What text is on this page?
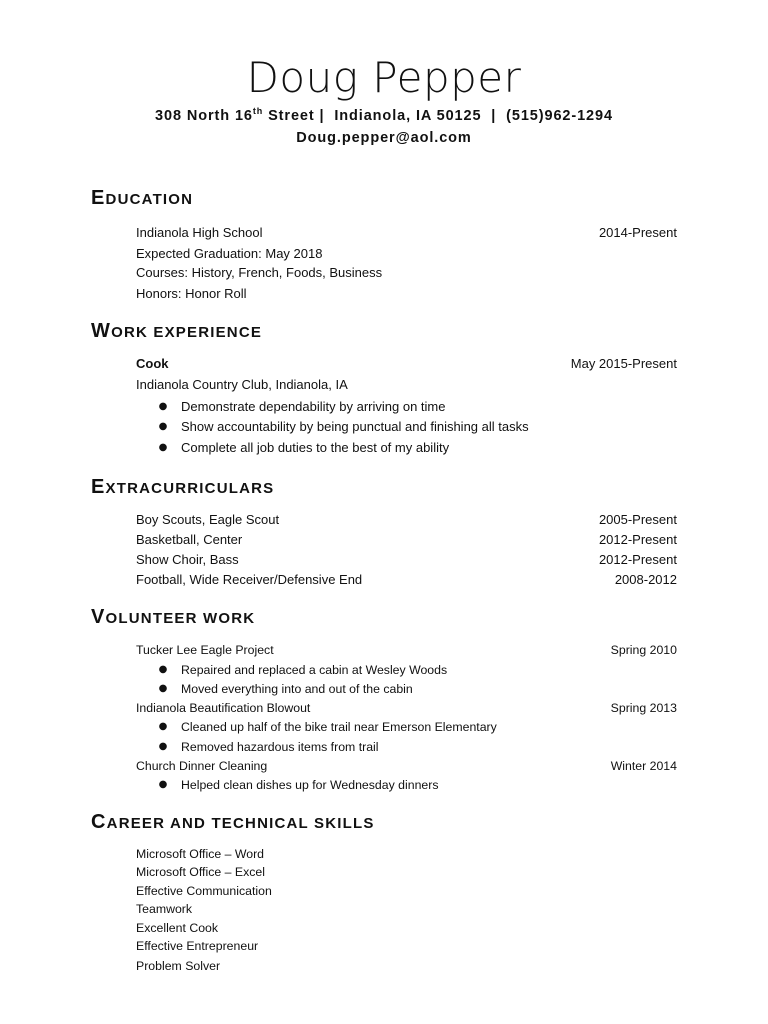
Doug Pepper
308 North 16th Street |  Indianola, IA 50125  |  (515)962-1294
Doug.pepper@aol.com
EDUCATION
Indianola High School	2014-Present
Expected Graduation: May 2018
Courses: History, French, Foods, Business
Honors: Honor Roll
WORK EXPERIENCE
Cook	May 2015-Present
Indianola Country Club, Indianola, IA
● Demonstrate dependability by arriving on time
● Show accountability by being punctual and finishing all tasks
● Complete all job duties to the best of my ability
EXTRACURRICULARS
Boy Scouts, Eagle Scout	2005-Present
Basketball, Center	2012-Present
Show Choir, Bass	2012-Present
Football, Wide Receiver/Defensive End	2008-2012
VOLUNTEER WORK
Tucker Lee Eagle Project	Spring 2010
● Repaired and replaced a cabin at Wesley Woods
● Moved everything into and out of the cabin
Indianola Beautification Blowout	Spring 2013
● Cleaned up half of the bike trail near Emerson Elementary
● Removed hazardous items from trail
Church Dinner Cleaning	Winter 2014
● Helped clean dishes up for Wednesday dinners
CAREER AND TECHNICAL SKILLS
Microsoft Office – Word
Microsoft Office – Excel
Effective Communication
Teamwork
Excellent Cook
Effective Entrepreneur
Problem Solver
